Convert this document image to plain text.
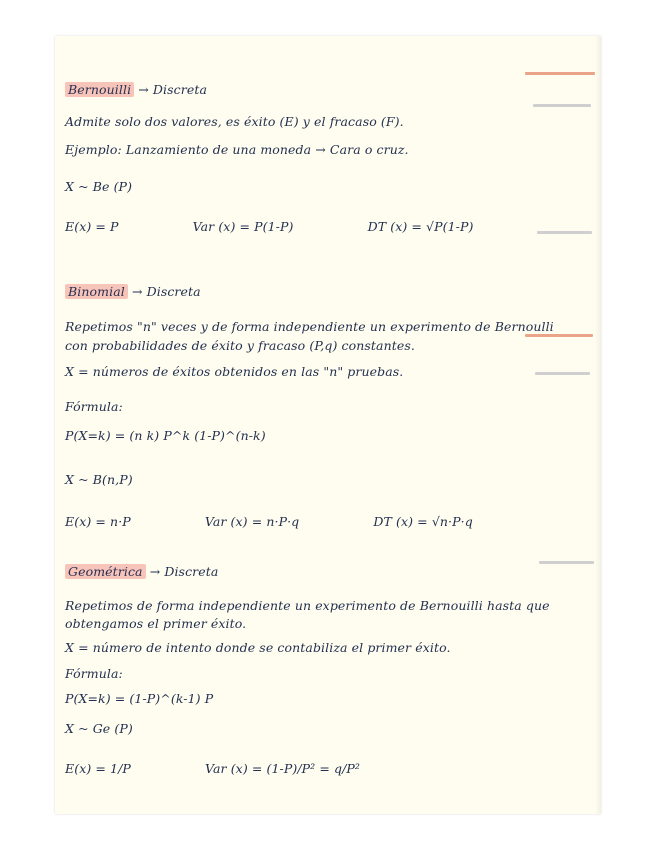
Bernouilli → Discreta
Admite solo dos valores, es éxito (E) y el fracaso (F).
Ejemplo: Lanzamiento de una moneda → Cara o cruz.
X ~ Be (P)
E(x) = P	Var (x) = P(1-P)	DT (x) = √P(1-P)
Binomial → Discreta
Repetimos "n" veces y de forma independiente un experimento de Bernoulli
con probabilidades de éxito y fracaso (P,q) constantes.
X = números de éxitos obtenidos en las "n" pruebas.
Fórmula:
P(X=k) = (n k) P^k (1-P)^(n-k)
X ~ B(n,P)
E(x) = n·P	Var (x) = n·P·q	DT (x) = √n·P·q
Geométrica → Discreta
Repetimos de forma independiente un experimento de Bernouilli hasta que
obtengamos el primer éxito.
X = número de intento donde se contabiliza el primer éxito.
Fórmula:
P(X=k) = (1-P)^(k-1) P
X ~ Ge (P)
E(x) = 1/P	Var (x) = (1-P)/P² = q/P²
